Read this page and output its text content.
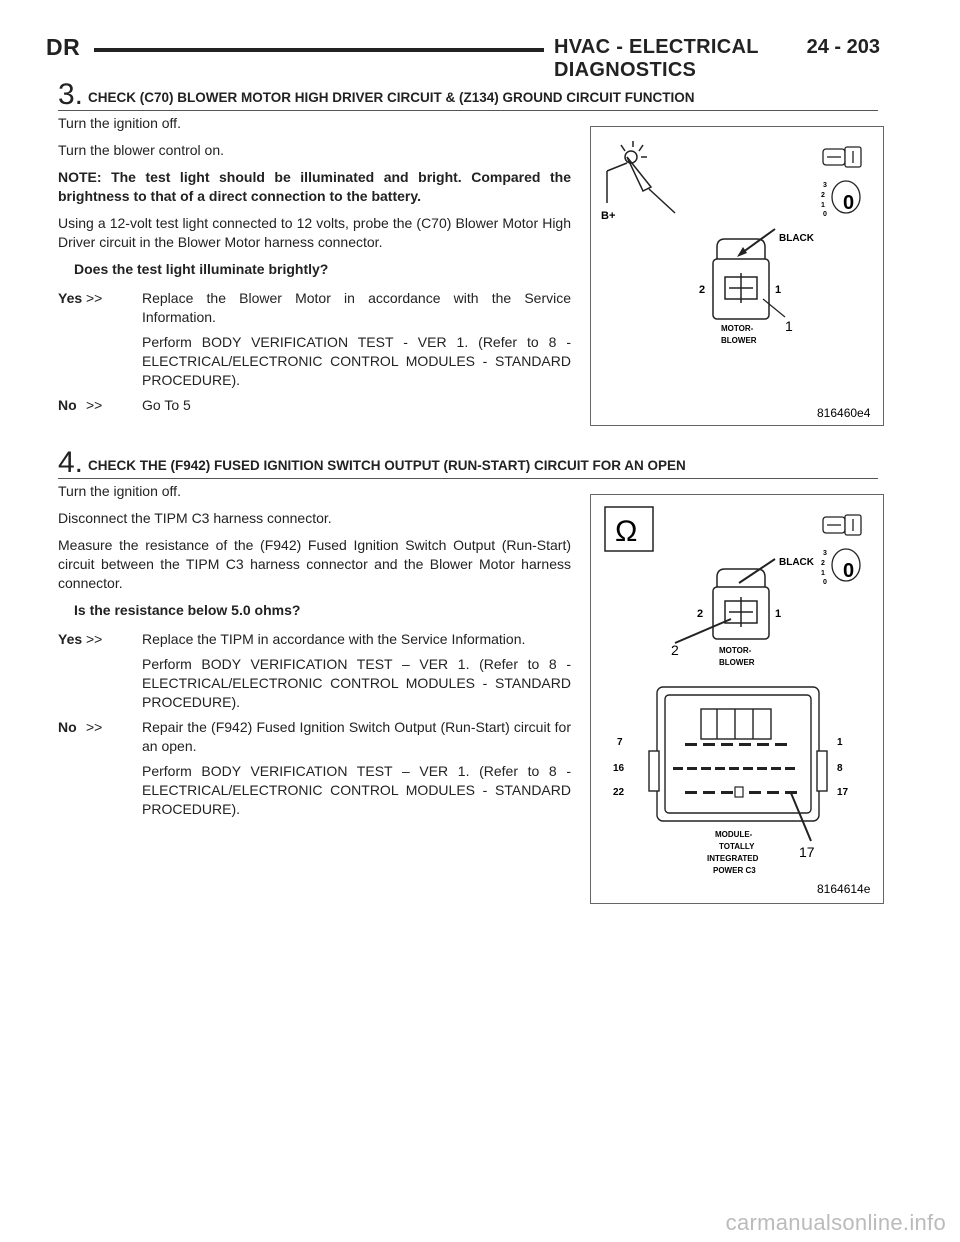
DR	HVAC - ELECTRICAL DIAGNOSTICS
24 - 203
3. CHECK (C70) BLOWER MOTOR HIGH DRIVER CIRCUIT & (Z134) GROUND CIRCUIT FUNCTION

Turn the ignition off.

Turn the blower control on.

NOTE: The test light should be illuminated and bright. Compared the brightness to that of a direct connection to the battery.

Using a 12-volt test light connected to 12 volts, probe the (C70) Blower Motor High Driver circuit in the Blower Motor harness connector.

Does the test light illuminate brightly?

Yes >>	Replace the Blower Motor in accordance with the Service Information.

Perform BODY VERIFICATION TEST - VER 1. (Refer to 8 - ELECTRICAL/ELECTRONIC CONTROL MODULES - STANDARD PROCEDURE).

No >>	Go To 5

B+
3
2
1
0
0
BLACK
2	1
1
MOTOR-
BLOWER
816460e4
4. CHECK THE (F942) FUSED IGNITION SWITCH OUTPUT (RUN-START) CIRCUIT FOR AN OPEN

Turn the ignition off.

Disconnect the TIPM C3 harness connector.

Measure the resistance of the (F942) Fused Ignition Switch Output (Run-Start) circuit between the TIPM C3 harness connector and the Blower Motor harness connector.

Is the resistance below 5.0 ohms?

Yes >>	Replace the TIPM in accordance with the Service Information.

Perform BODY VERIFICATION TEST – VER 1. (Refer to 8 - ELECTRICAL/ELECTRONIC CONTROL MODULES - STANDARD PROCEDURE).

No >>	Repair the (F942) Fused Ignition Switch Output (Run-Start) circuit for an open.

Perform BODY VERIFICATION TEST – VER 1. (Refer to 8 - ELECTRICAL/ELECTRONIC CONTROL MODULES - STANDARD PROCEDURE).

Ω
3
2
1
0
0
BLACK
2	1
2	MOTOR-
BLOWER
7	1
16	8
22	17
17
MODULE-
TOTALLY
INTEGRATED
POWER C3
8164614e
carmanualsonline.info
